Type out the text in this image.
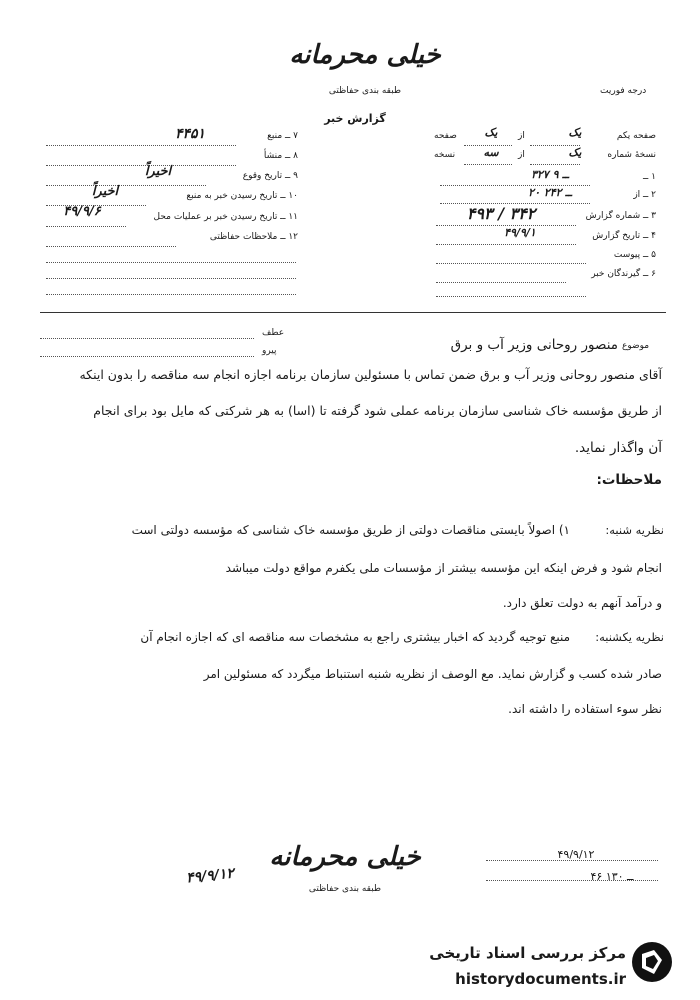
خیلی محرمانه
طبقه بندی حفاظتی
گزارش خبر
درجه فوریت
صفحه یکم
یک
از
یک
صفحه
نسخهٔ شماره
یک
از
سه
نسخه
۱ ــ
۳۲۷ ــ ۹
۲ ــ از
۲۰ ــ ۲۴۲
۳ ــ شماره گزارش
۴۹۳ / ۳۴۲
۴ ــ تاریخ گزارش
۴۹/۹/۱
۵ ــ پیوست
۶ ــ گیرندگان خبر
۷ ــ منبع
۴۴۵۱
۸ ــ منشأ
۹ ــ تاریخ وقوع
اخیراً
۱۰ ــ تاریخ رسیدن خبر به منبع
اخیراً
۱۱ ــ تاریخ رسیدن خبر بر عملیات محل
۴۹/۹/۶
۱۲ ــ ملاحظات حفاظتی
عطف
پیرو	موضوع
منصور روحانی وزیر آب و برق
آقای منصور روحانی وزیر آب و برق ضمن تماس با مسئولین سازمان برنامه اجازه انجام سه مناقصه را بدون اینکه
از طریق مؤسسه خاک شناسی سازمان برنامه عملی شود گرفته تا (اسا) به هر شرکتی که مایل بود برای انجام
آن واگذار نماید.
ملاحظات:
نظریه شنبه:
۱) اصولاً بایستی مناقصات دولتی از طریق مؤسسه خاک شناسی که مؤسسه دولتی است
انجام شود و فرض اینکه این مؤسسه بیشتر از مؤسسات ملی یکفرم مواقع دولت میباشد
و درآمد آنهم به دولت تعلق دارد.
نظریه یکشنبه:
منبع توجیه گردید که اخبار بیشتری راجع به مشخصات سه مناقصه ای که اجازه انجام آن
صادر شده کسب و گزارش نماید. مع الوصف از نظریه شنبه استنباط میگردد که مسئولین امر
نظر سوء استفاده را داشته اند.
خیلی محرمانه
طبقه بندی حفاظتی
۴۹/۹/۱۲
۴۹/۹/۱۲
۴۶ ــ ۱۳۰
مرکز بررسی اسناد تاریخی
historydocuments.ir
